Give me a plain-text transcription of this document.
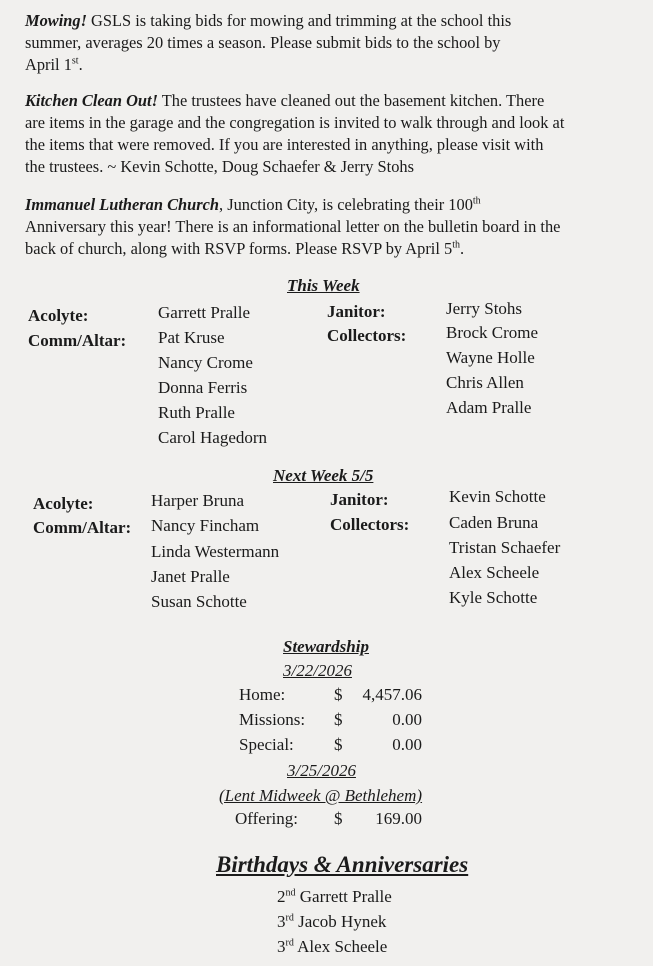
Mowing! GSLS is taking bids for mowing and trimming at the school this
summer, averages 20 times a season. Please submit bids to the school by
April 1st.

Kitchen Clean Out! The trustees have cleaned out the basement kitchen. There
are items in the garage and the congregation is invited to walk through and look at
the items that were removed. If you are interested in anything, please visit with
the trustees. ~ Kevin Schotte, Doug Schaefer & Jerry Stohs

Immanuel Lutheran Church, Junction City, is celebrating their 100th
Anniversary this year! There is an informational letter on the bulletin board in the
back of church, along with RSVP forms. Please RSVP by April 5th.

This Week
Acolyte:	Garrett Pralle
Comm/Altar: Pat Kruse
Nancy Crome
Donna Ferris
Ruth Pralle
Carol Hagedorn
Janitor:	Jerry Stohs
Collectors: Brock Crome
Wayne Holle
Chris Allen
Adam Pralle
Next Week 5/5
Acolyte:	Harper Bruna
Comm/Altar: Nancy Fincham
Linda Westermann
Janet Pralle
Susan Schotte
Janitor:	Kevin Schotte
Collectors: Caden Bruna
Tristan Schaefer
Alex Scheele
Kyle Schotte
Stewardship
3/22/2026
Home:	$	4,457.06
Missions: $	0.00
Special: $	0.00
3/25/2026
(Lent Midweek @ Bethlehem)
Offering: $	169.00
Birthdays & Anniversaries
2nd Garrett Pralle
3rd Jacob Hynek
3rd Alex Scheele
